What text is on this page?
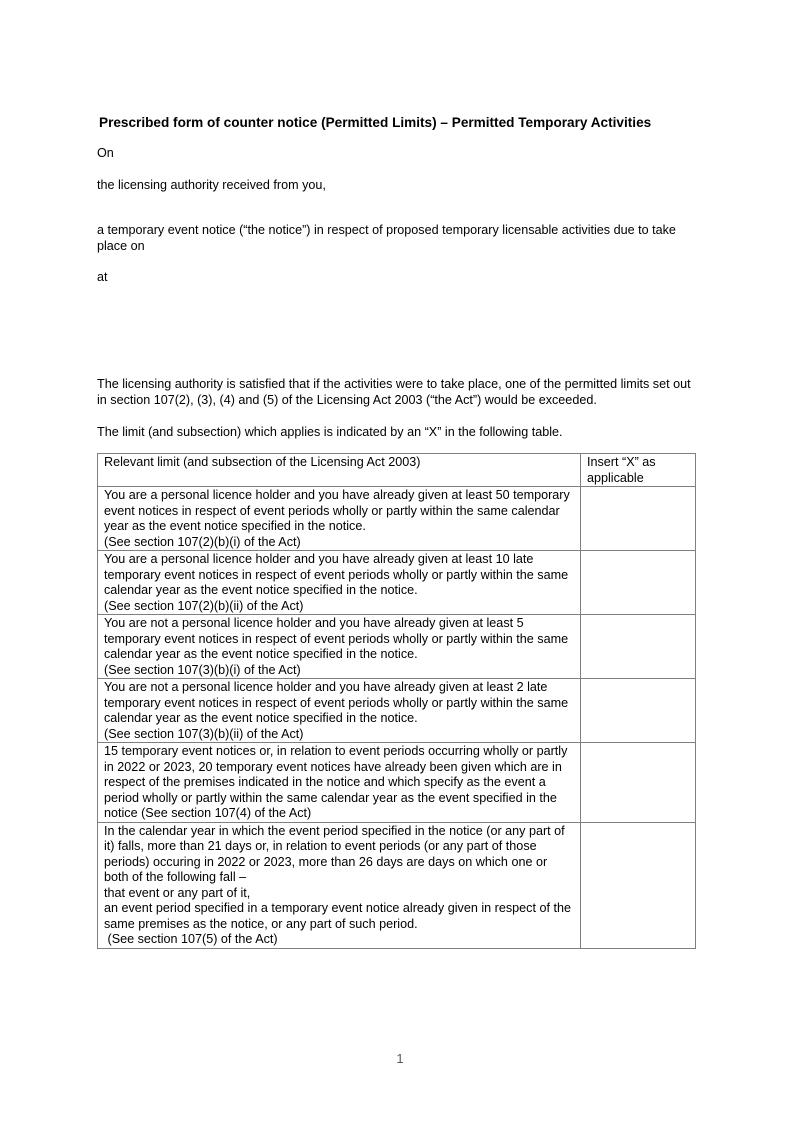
Prescribed form of counter notice (Permitted Limits) – Permitted Temporary Activities

On

the licensing authority received from you,

a temporary event notice (“the notice”) in respect of proposed temporary licensable activities due to take place on

at

The licensing authority is satisfied that if the activities were to take place, one of the permitted limits set out in section 107(2), (3), (4) and (5) of the Licensing Act 2003 (“the Act”) would be exceeded.

The limit (and subsection) which applies is indicated by an “X” in the following table.

Relevant limit (and subsection of the Licensing Act 2003)	Insert “X” as applicable

You are a personal licence holder and you have already given at least 50 temporary event notices in respect of event periods wholly or partly within the same calendar year as the event notice specified in the notice.
(See section 107(2)(b)(i) of the Act)	

You are a personal licence holder and you have already given at least 10 late temporary event notices in respect of event periods wholly or partly within the same calendar year as the event notice specified in the notice.
(See section 107(2)(b)(ii) of the Act)	

You are not a personal licence holder and you have already given at least 5 temporary event notices in respect of event periods wholly or partly within the same calendar year as the event notice specified in the notice.
(See section 107(3)(b)(i) of the Act)	

You are not a personal licence holder and you have already given at least 2 late temporary event notices in respect of event periods wholly or partly within the same calendar year as the event notice specified in the notice.
(See section 107(3)(b)(ii) of the Act)	

15 temporary event notices or, in relation to event periods occurring wholly or partly in 2022 or 2023, 20 temporary event notices have already been given which are in respect of the premises indicated in the notice and which specify as the event a period wholly or partly within the same calendar year as the event specified in the notice (See section 107(4) of the Act)	

In the calendar year in which the event period specified in the notice (or any part of it) falls, more than 21 days or, in relation to event periods (or any part of those periods) occuring in 2022 or 2023, more than 26 days are days on which one or both of the following fall –
that event or any part of it,
an event period specified in a temporary event notice already given in respect of the same premises as the notice, or any part of such period.
(See section 107(5) of the Act)	

1
